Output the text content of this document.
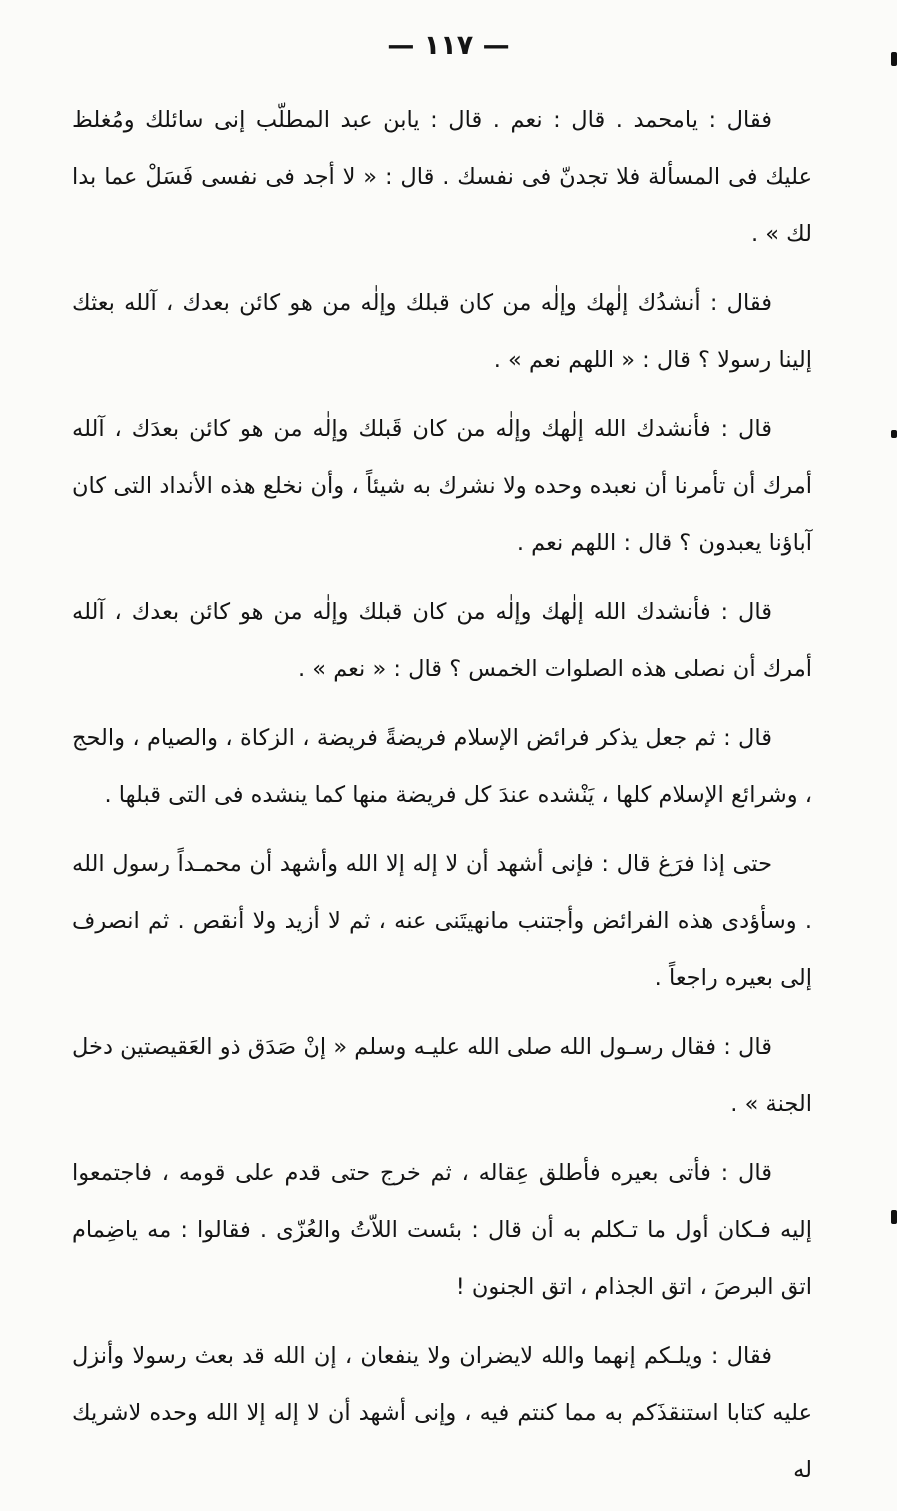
— ١١٧ —

فقال : يامحمد . قال : نعم . قال : يابن عبد المطلّب إنى سائلك ومُغلظ عليك فى المسألة فلا تجدنّ فى نفسك . قال : « لا أجد فى نفسى فَسَلْ عما بدا لك » .

فقال : أنشدُك إلٰهك وإلٰه من كان قبلك وإلٰه من هو كائن بعدك ، آلله بعثك إلينا رسولا ؟ قال : « اللهم نعم » .

قال : فأنشدك الله إلٰهك وإلٰه من كان قَبلك وإلٰه من هو كائن بعدَك ، آلله أمرك أن تأمرنا أن نعبده وحده ولا نشرك به شيئاً ، وأن نخلع هذه الأنداد التى كان آباؤنا يعبدون ؟ قال : اللهم نعم .

قال : فأنشدك الله إلٰهك وإلٰه من كان قبلك وإلٰه من هو كائن بعدك ، آلله أمرك أن نصلى هذه الصلوات الخمس ؟ قال : « نعم » .

قال : ثم جعل يذكر فرائض الإسلام فريضةً فريضة ، الزكاة ، والصيام ، والحج ، وشرائع الإسلام كلها ، يَنْشده عندَ كل فريضة منها كما ينشده فى التى قبلها .

حتى إذا فرَغ قال : فإنى أشهد أن لا إله إلا الله وأشهد أن محمـداً رسول الله . وسأؤدى هذه الفرائض وأجتنب مانهيتَنى عنه ، ثم لا أزيد ولا أنقص . ثم انصرف إلى بعيره راجعاً .

قال : فقال رسـول الله صلى الله عليـه وسلم « إنْ صَدَق ذو العَقيصتين دخل الجنة » .

قال : فأتى بعيره فأطلق عِقاله ، ثم خرج حتى قدم على قومه ، فاجتمعوا إليه فـكان أول ما تـكلم به أن قال : بئست اللاّتُ والعُزّى . فقالوا : مه ياضِمام اتق البرصَ ، اتق الجذام ، اتق الجنون !

فقال : ويلـكم إنهما والله لايضران ولا ينفعان ، إن الله قد بعث رسولا وأنزل عليه كتابا استنقذَكم به مما كنتم فيه ، وإنى أشهد أن لا إله إلا الله وحده لاشريك له
